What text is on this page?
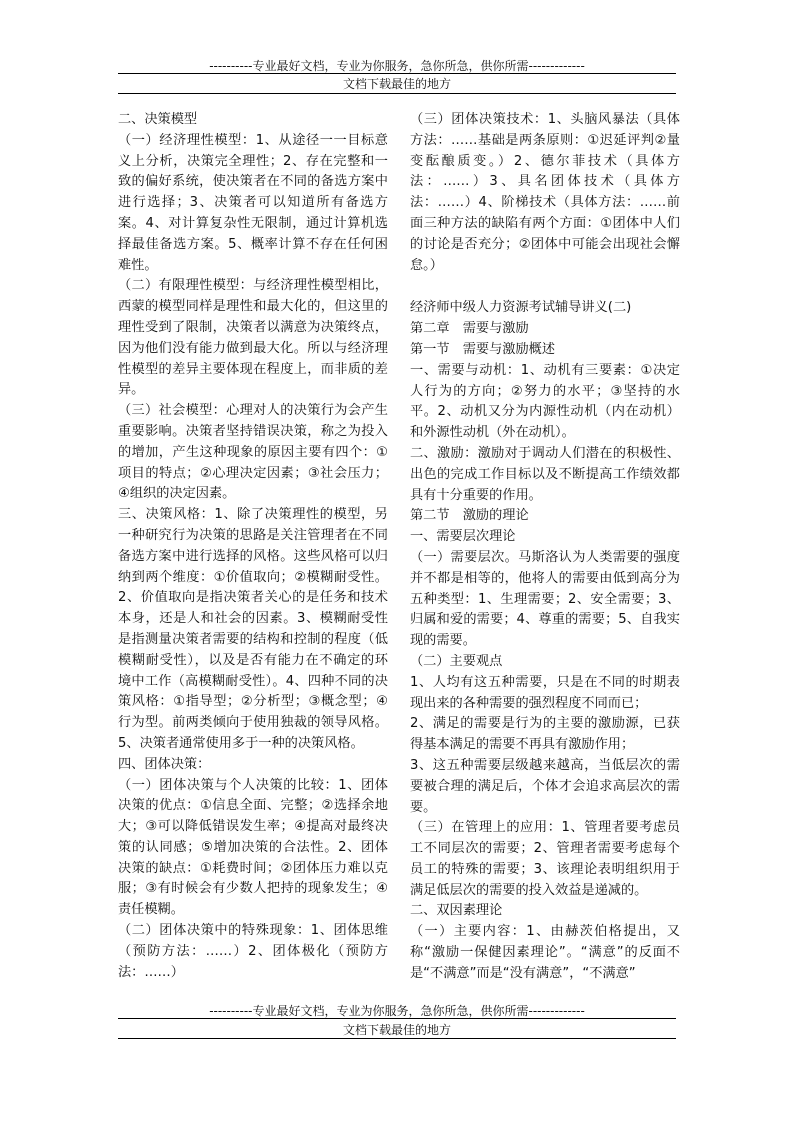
----------专业最好文档，专业为你服务，急你所急，供你所需-------------
文档下载最佳的地方

二、决策模型

（一）经济理性模型：1、从途径一一目标意义上分析，决策完全理性；2、存在完整和一致的偏好系统，使决策者在不同的备选方案中进行选择；3、决策者可以知道所有备选方案。4、对计算复杂性无限制，通过计算机选择最佳备选方案。5、概率计算不存在任何困难性。

（二）有限理性模型：与经济理性模型相比，西蒙的模型同样是理性和最大化的，但这里的理性受到了限制，决策者以满意为决策终点，因为他们没有能力做到最大化。所以与经济理性模型的差异主要体现在程度上，而非质的差异。

（三）社会模型：心理对人的决策行为会产生重要影响。决策者坚持错误决策，称之为投入的增加，产生这种现象的原因主要有四个：①项目的特点；②心理决定因素；③社会压力；④组织的决定因素。

三、决策风格：1、除了决策理性的模型，另一种研究行为决策的思路是关注管理者在不同备选方案中进行选择的风格。这些风格可以归纳到两个维度：①价值取向；②模糊耐受性。2、价值取向是指决策者关心的是任务和技术本身，还是人和社会的因素。3、模糊耐受性是指测量决策者需要的结构和控制的程度（低模糊耐受性），以及是否有能力在不确定的环境中工作（高模糊耐受性）。4、四种不同的决策风格：①指导型；②分析型；③概念型；④行为型。前两类倾向于使用独裁的领导风格。5、决策者通常使用多于一种的决策风格。

四、团体决策：

（一）团体决策与个人决策的比较：1、团体决策的优点：①信息全面、完整；②选择余地大；③可以降低错误发生率；④提高对最终决策的认同感；⑤增加决策的合法性。2、团体决策的缺点：①耗费时间；②团体压力难以克服；③有时候会有少数人把持的现象发生；④责任模糊。

（二）团体决策中的特殊现象：1、团体思维（预防方法：……）2、团体极化（预防方法：……）

（三）团体决策技术：1、头脑风暴法（具体方法：……基础是两条原则：①迟延评判②量变酝酿质变。）2、德尔菲技术（具体方法：……）3、具名团体技术（具体方法：……）4、阶梯技术（具体方法：……前面三种方法的缺陷有两个方面：①团体中人们的讨论是否充分；②团体中可能会出现社会懈怠。）

经济师中级人力资源考试辅导讲义(二)

第二章　需要与激励

第一节　需要与激励概述

一、需要与动机：1、动机有三要素：①决定人行为的方向；②努力的水平；③坚持的水平。2、动机又分为内源性动机（内在动机）和外源性动机（外在动机）。

二、激励：激励对于调动人们潜在的积极性、出色的完成工作目标以及不断提高工作绩效都具有十分重要的作用。

第二节　激励的理论

一、需要层次理论

（一）需要层次。马斯洛认为人类需要的强度并不都是相等的，他将人的需要由低到高分为五种类型：1、生理需要；2、安全需要；3、归属和爱的需要；4、尊重的需要；5、自我实现的需要。

（二）主要观点

1、人均有这五种需要，只是在不同的时期表现出来的各种需要的强烈程度不同而已；

2、满足的需要是行为的主要的激励源，已获得基本满足的需要不再具有激励作用；

3、这五种需要层级越来越高，当低层次的需要被合理的满足后，个体才会追求高层次的需要。

（三）在管理上的应用：1、管理者要考虑员工不同层次的需要；2、管理者需要考虑每个员工的特殊的需要；3、该理论表明组织用于满足低层次的需要的投入效益是递减的。

二、双因素理论

（一）主要内容：1、由赫茨伯格提出，又称“激励一保健因素理论”。“满意”的反面不是“不满意”而是“没有满意”，“不满意”

----------专业最好文档，专业为你服务，急你所急，供你所需-------------
文档下载最佳的地方
